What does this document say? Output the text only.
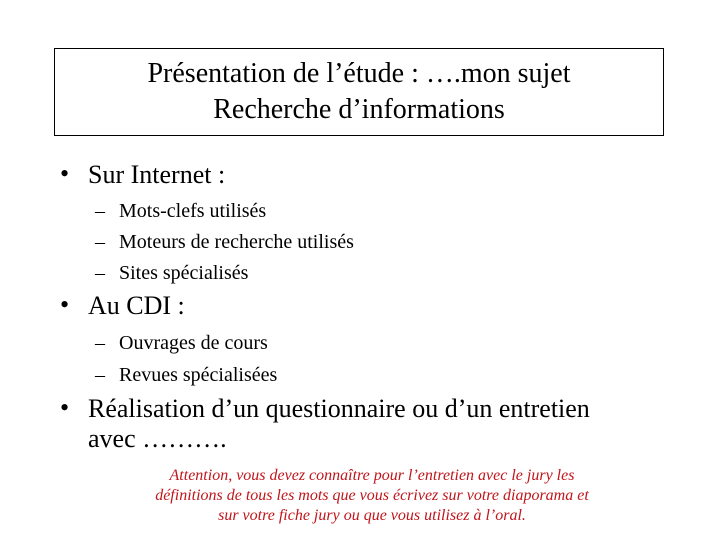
Présentation de l’étude : ….mon sujet
Recherche d’informations
• Sur Internet :
– Mots-clefs utilisés
– Moteurs de recherche utilisés
– Sites spécialisés
• Au CDI :
– Ouvrages de cours
– Revues spécialisées
• Réalisation d’un questionnaire ou d’un entretien
avec ……….
Attention, vous devez connaître pour l’entretien avec le jury les
définitions de tous les mots que vous écrivez sur votre diaporama et
sur votre fiche jury ou que vous utilisez à l’oral.
